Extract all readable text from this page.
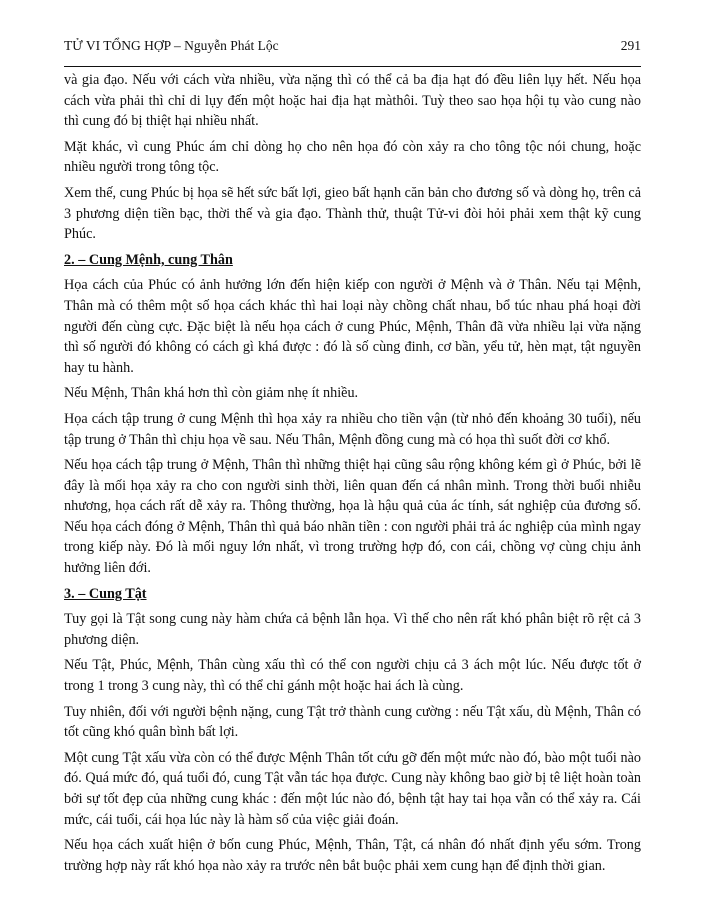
TỬ VI TỔNG HỢP – Nguyễn Phát Lộc	291

và gia đạo. Nếu với cách vừa nhiều, vừa nặng thì có thể cả ba địa hạt đó đều liên lụy hết. Nếu họa cách vừa phải thì chỉ di lụy đến một hoặc hai địa hạt màthôi. Tuỳ theo sao họa hội tụ vào cung nào thì cung đó bị thiệt hại nhiều nhất.

Mặt khác, vì cung Phúc ám chỉ dòng họ cho nên họa đó còn xảy ra cho tông tộc nói chung, hoặc nhiều người trong tông tộc.

Xem thế, cung Phúc bị họa sẽ hết sức bất lợi, gieo bất hạnh căn bản cho đương số và dòng họ, trên cả 3 phương diện tiền bạc, thời thế và gia đạo. Thành thử, thuật Tử-vi đòi hỏi phải xem thật kỹ cung Phúc.

2. – Cung Mệnh, cung Thân

Họa cách của Phúc có ảnh hưởng lớn đến hiện kiếp con người ở Mệnh và ở Thân. Nếu tại Mệnh, Thân mà có thêm một số họa cách khác thì hai loại này chồng chất nhau, bổ túc nhau phá hoại đời người đến cùng cực. Đặc biệt là nếu họa cách ở cung Phúc, Mệnh, Thân đã vừa nhiều lại vừa nặng thì số người đó không có cách gì khá được : đó là số cùng đinh, cơ bần, yểu tử, hèn mạt, tật nguyền hay tu hành.

Nếu Mệnh, Thân khá hơn thì còn giảm nhẹ ít nhiều.

Họa cách tập trung ở cung Mệnh thì họa xảy ra nhiều cho tiền vận (từ nhỏ đến khoảng 30 tuổi), nếu tập trung ở Thân thì chịu họa về sau. Nếu Thân, Mệnh đồng cung mà có họa thì suốt đời cơ khổ.

Nếu họa cách tập trung ở Mệnh, Thân thì những thiệt hại cũng sâu rộng không kém gì ở Phúc, bởi lẽ đây là mối họa xảy ra cho con người sinh thời, liên quan đến cá nhân mình. Trong thời buổi nhiễu nhương, họa cách rất dễ xảy ra. Thông thường, họa là hậu quả của ác tính, sát nghiệp của đương số. Nếu họa cách đóng ở Mệnh, Thân thì quả báo nhãn tiền : con người phải trả ác nghiệp của mình ngay trong kiếp này. Đó là mối nguy lớn nhất, vì trong trường hợp đó, con cái, chồng vợ cùng chịu ảnh hưởng liên đới.

3. – Cung Tật

Tuy gọi là Tật song cung này hàm chứa cả bệnh lẫn họa. Vì thế cho nên rất khó phân biệt rõ rệt cả 3 phương diện.

Nếu Tật, Phúc, Mệnh, Thân cùng xấu thì có thể con người chịu cả 3 ách một lúc. Nếu được tốt ở trong 1 trong 3 cung này, thì có thể chỉ gánh một hoặc hai ách là cùng.

Tuy nhiên, đối với người bệnh nặng, cung Tật trở thành cung cường : nếu Tật xấu, dù Mệnh, Thân có tốt cũng khó quân bình bất lợi.

Một cung Tật xấu vừa còn có thể được Mệnh Thân tốt cứu gỡ đến một mức nào đó, bào một tuổi nào đó. Quá mức đó, quá tuổi đó, cung Tật vẫn tác họa được. Cung này không bao giờ bị tê liệt hoàn toàn bởi sự tốt đẹp của những cung khác : đến một lúc nào đó, bệnh tật hay tai họa vẫn có thể xảy ra. Cái mức, cái tuổi, cái họa lúc này là hàm số của việc giải đoán.

Nếu họa cách xuất hiện ở bốn cung Phúc, Mệnh, Thân, Tật, cá nhân đó nhất định yểu sớm. Trong trường hợp này rất khó họa nào xảy ra trước nên bắt buộc phải xem cung hạn để định thời gian.
